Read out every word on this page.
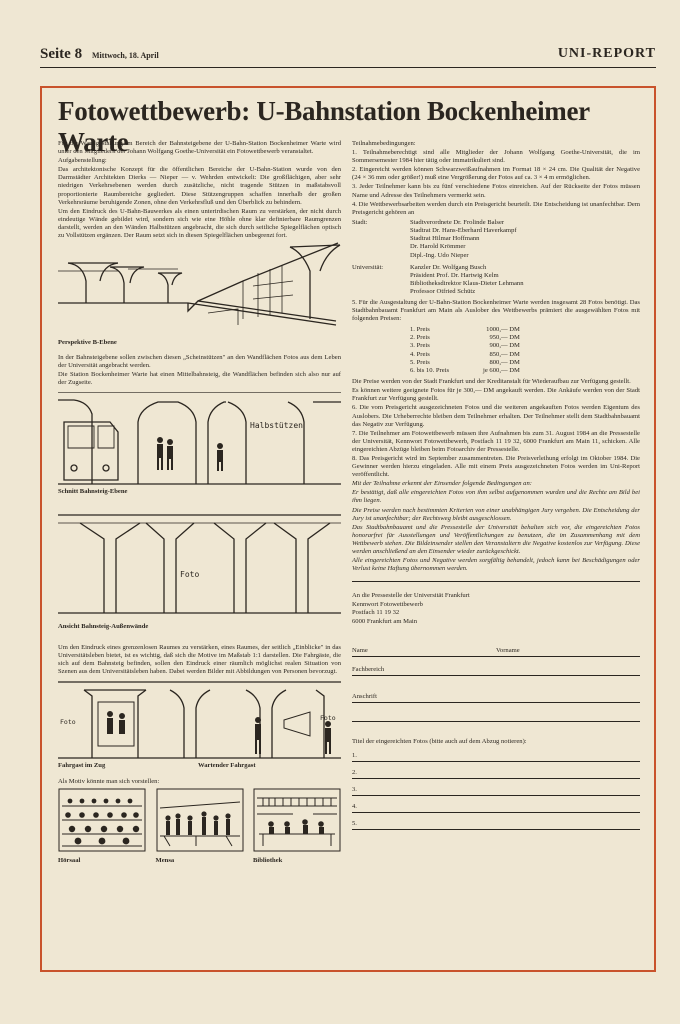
Seite 8 Mittwoch, 18. April	UNI-REPORT
Fotowettbewerb: U-Bahnstation Bockenheimer Warte

Für die Wandgestaltung im Bereich der Bahnsteigebene der U-Bahn-Station Bockenheimer Warte wird unter den Mitgliedern der Johann Wolfgang Goethe-Universität ein Fotowettbewerb veranstaltet.

Aufgabenstellung:

Das architektonische Konzept für die öffentlichen Bereiche der U-Bahn-Station wurde von den Darmstädter Architekten Dierks — Nieper — v. Wehrden entwickelt: Die großflächigen, aber sehr niedrigen Verkehrsebenen werden durch zusätzliche, nicht tragende Stützen in maßstabsvoll proportionierte Raumbereiche gegliedert. Diese Stützengruppen schaffen innerhalb der großen Verkehrsräume beruhigende Zonen, ohne den Verkehrsfluß und den Überblick zu behindern.

Um den Eindruck des U-Bahn-Bauwerkes als einen unterirdischen Raum zu verstärken, der nicht durch eindeutige Wände gebildet wird, sondern sich wie eine Höhle ohne klar definierbare Raumgrenzen darstellt, werden an den Wänden Halbstützen angebracht, die sich durch seitliche Spiegelflächen optisch zu Vollstützen ergänzen. Der Raum setzt sich in diesen Spiegelflächen unbegrenzt fort.

Perspektive B-Ebene

In der Bahnsteigebene sollen zwischen diesen „Scheinstützen" an den Wandflächen Fotos aus dem Leben der Universität angebracht werden.

Die Station Bockenheimer Warte hat einen Mittelbahnsteig, die Wandflächen befinden sich also nur auf der Zugseite.

Halbstützen
Schnitt Bahnsteig-Ebene
Foto
Ansicht Bahnsteig-Außenwände

Um den Eindruck eines grenzenlosen Raumes zu verstärken, eines Raumes, der seitlich „Einblicke" in das Universitätsleben bietet, ist es wichtig, daß sich die Motive im Maßstab 1:1 darstellen. Die Fahrgäste, die sich auf dem Bahnsteig befinden, sollen den Eindruck einer räumlich möglichst realen Situation von Szenen aus dem Universitätsleben haben. Dabei werden Bilder mit Abbildungen von Personen bevorzugt.

Foto	Foto
Fahrgast im Zug	Wartender Fahrgast

Als Motiv könnte man sich vorstellen:

Hörsaal	Mensa	Bibliothek

Teilnahmebedingungen:

1. Teilnahmeberechtigt sind alle Mitglieder der Johann Wolfgang Goethe-Universität, die im Sommersemester 1984 hier tätig oder immatrikuliert sind.

2. Eingereicht werden können Schwarzweißaufnahmen im Format 18 × 24 cm. Die Qualität der Negative (24 × 36 mm oder größer!) muß eine Vergrößerung der Fotos auf ca. 3 × 4 m ermöglichen.

3. Jeder Teilnehmer kann bis zu fünf verschiedene Fotos einreichen. Auf der Rückseite der Fotos müssen Name und Adresse des Teilnehmers vermerkt sein.

4. Die Wettbewerbsarbeiten werden durch ein Preisgericht beurteilt. Die Entscheidung ist unanfechtbar. Dem Preisgericht gehören an

Stadt:	Stadtverordnete Dr. Frolinde Balser
Stadtrat Dr. Hans-Eberhard Haverkampf
Stadtrat Hilmar Hoffmann
Dr. Harold Krömmer
Dipl.-Ing. Udo Nieper

Universität:	Kanzler Dr. Wolfgang Busch
Präsident Prof. Dr. Hartwig Kelm
Bibliotheksdirektor Klaus-Dieter Lehmann
Professor Otfried Schütz

5. Für die Ausgestaltung der U-Bahn-Station Bockenheimer Warte werden insgesamt 28 Fotos benötigt. Das Stadtbahnbauamt Frankfurt am Main als Auslober des Wettbewerbs prämiert die ausgewählten Fotos mit folgenden Preisen:

1. Preis	1000,— DM
2. Preis	950,— DM
3. Preis	900,— DM
4. Preis	850,— DM
5. Preis	800,— DM
6. bis 10. Preis	je 600,— DM

Die Preise werden von der Stadt Frankfurt und der Kreditanstalt für Wiederaufbau zur Verfügung gestellt.

Es können weitere geeignete Fotos für je 300,— DM angekauft werden. Die Ankäufe werden von der Stadt Frankfurt zur Verfügung gestellt.

6. Die vom Preisgericht ausgezeichneten Fotos und die weiteren angekauften Fotos werden Eigentum des Auslobers. Die Urheberrechte bleiben dem Teilnehmer erhalten. Der Teilnehmer stellt dem Stadtbahnbauamt das Negativ zur Verfügung.

7. Die Teilnehmer am Fotowettbewerb müssen ihre Aufnahmen bis zum 31. August 1984 an die Pressestelle der Universität, Kennwort Fotowettbewerb, Postfach 11 19 32, 6000 Frankfurt am Main 11, schicken. Alle eingereichten Abzüge bleiben beim Fotoarchiv der Pressestelle.

8. Das Preisgericht wird im September zusammentreten. Die Preisverleihung erfolgt im Oktober 1984. Die Gewinner werden hierzu eingeladen. Alle mit einem Preis ausgezeichneten Fotos werden im Uni-Report veröffentlicht.

Mit der Teilnahme erkennt der Einsender folgende Bedingungen an:

Er bestätigt, daß alle eingereichten Fotos von ihm selbst aufgenommen wurden und die Rechte am Bild bei ihm liegen.

Die Preise werden nach bestimmten Kriterien von einer unabhängigen Jury vergeben. Die Entscheidung der Jury ist unanfechtbar; der Rechtsweg bleibt ausgeschlossen.

Das Stadtbahnbauamt und die Pressestelle der Universität behalten sich vor, die eingereichten Fotos honorarfrei für Ausstellungen und Veröffentlichungen zu benutzen, die im Zusammenhang mit dem Wettbewerb stehen. Die Bildeinsender stellen den Veranstaltern die Negative kostenlos zur Verfügung. Diese werden anschließend an den Einsender wieder zurückgeschickt.

Alle eingereichten Fotos und Negative werden sorgfältig behandelt, jedoch kann bei Beschädigungen oder Verlust keine Haftung übernommen werden.

An die Pressestelle der Universität Frankfurt
Kennwort Fotowettbewerb
Postfach 11 19 32
6000 Frankfurt am Main
Name	Vorname
Fachbereich
Anschrift
Titel der eingereichten Fotos (bitte auch auf dem Abzug notieren):
1.
2.
3.
4.
5.
